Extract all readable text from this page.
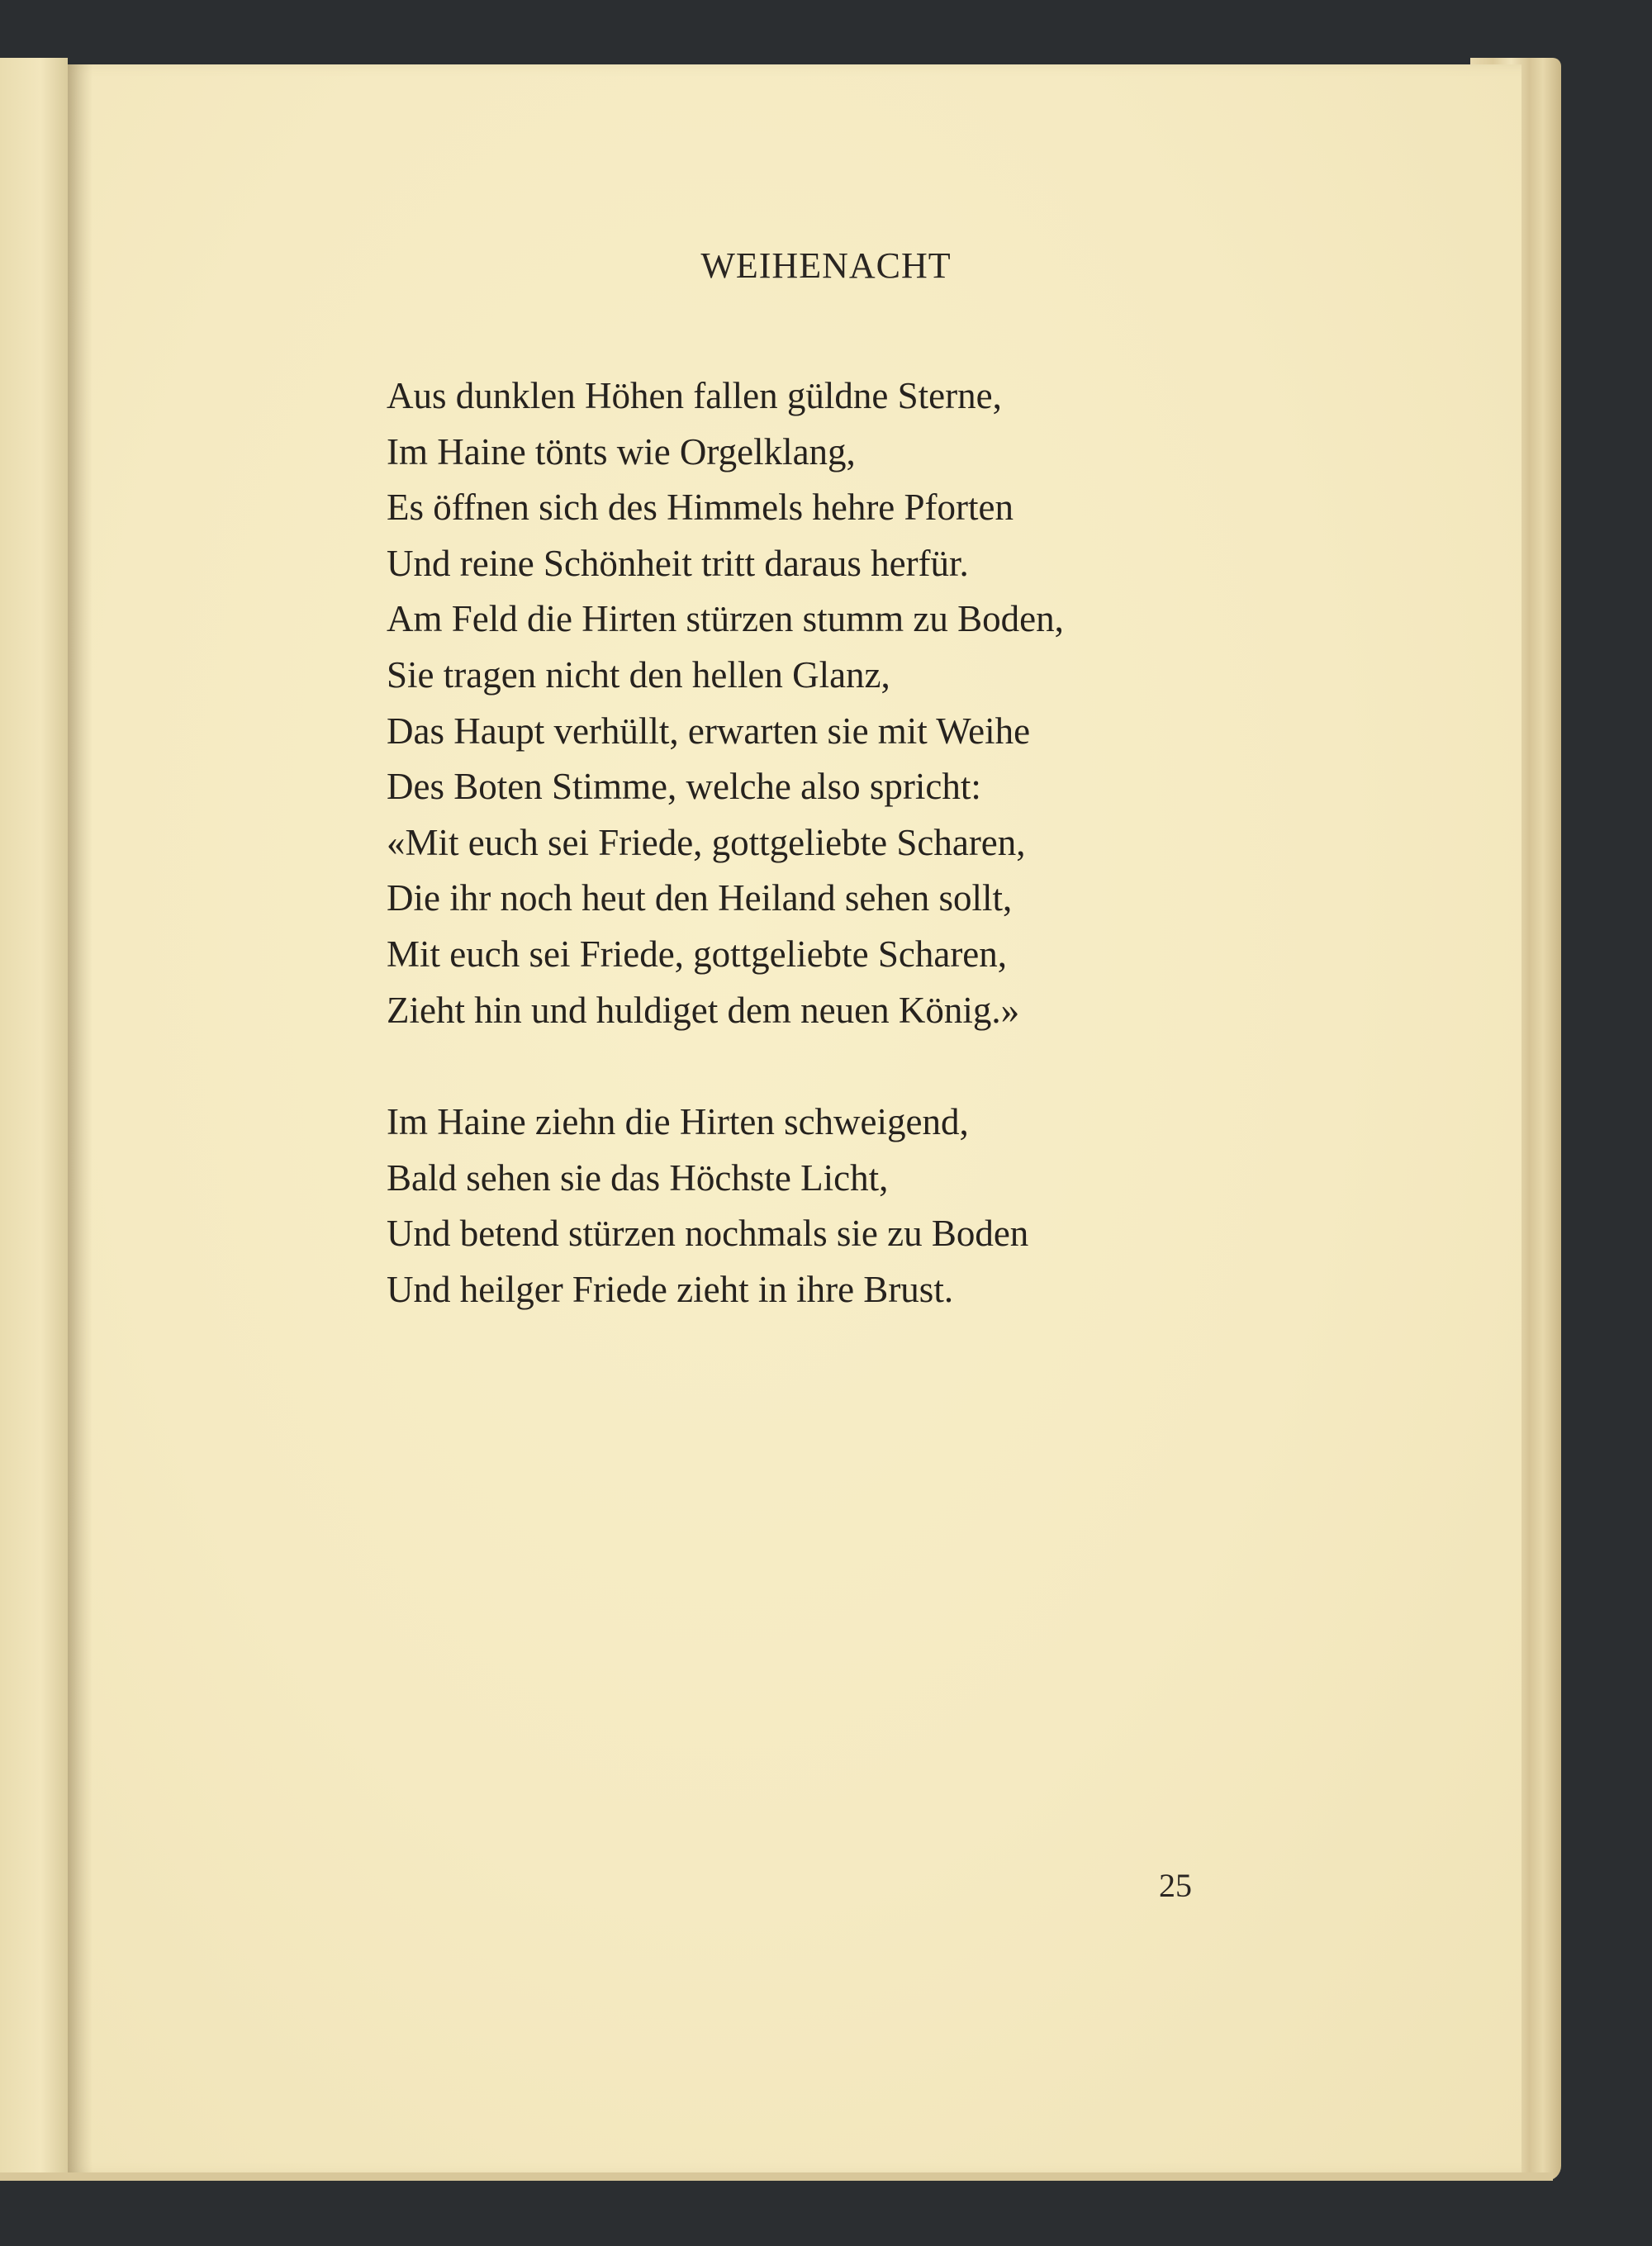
WEIHENACHT

Aus dunklen Höhen fallen güldne Sterne,
Im Haine tönts wie Orgelklang,
Es öffnen sich des Himmels hehre Pforten
Und reine Schönheit tritt daraus herfür.
Am Feld die Hirten stürzen stumm zu Boden,
Sie tragen nicht den hellen Glanz,
Das Haupt verhüllt, erwarten sie mit Weihe
Des Boten Stimme, welche also spricht:
«Mit euch sei Friede, gottgeliebte Scharen,
Die ihr noch heut den Heiland sehen sollt,
Mit euch sei Friede, gottgeliebte Scharen,
Zieht hin und huldiget dem neuen König.»

Im Haine ziehn die Hirten schweigend,
Bald sehen sie das Höchste Licht,
Und betend stürzen nochmals sie zu Boden
Und heilger Friede zieht in ihre Brust.

25
